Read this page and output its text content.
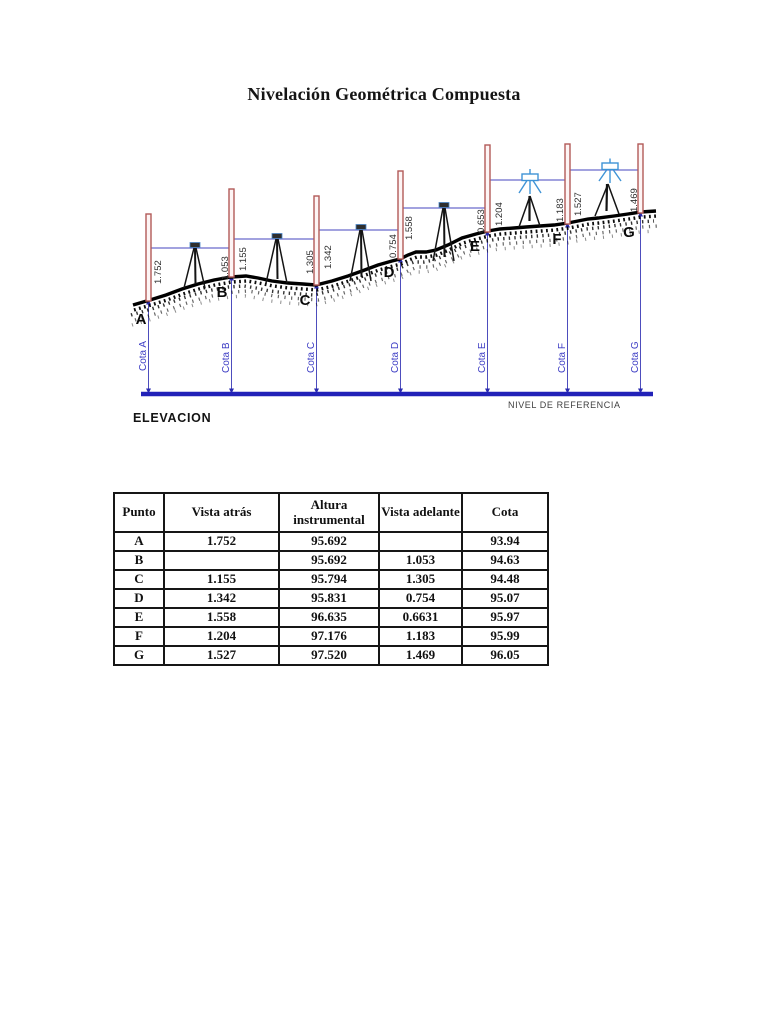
Nivelación Geométrica Compuesta
1.752	1.053 1.155	1.305 1.342	0.754
1.558	0.653 1.204	1.183 1.527	1.469
A
B	C
D
E	F	G
Cota A	Cota B	Cota C	Cota D	Cota E	Cota F	Cota G
NIVEL DE REFERENCIA
ELEVACION
Punto	Vista atrás	Altura instrumental	Vista adelante	Cota
A	1.752	95.692		93.94
B		95.692	1.053	94.63
C	1.155	95.794	1.305	94.48
D	1.342	95.831	0.754	95.07
E	1.558	96.635	0.6631	95.97
F	1.204	97.176	1.183	95.99
G	1.527	97.520	1.469	96.05
